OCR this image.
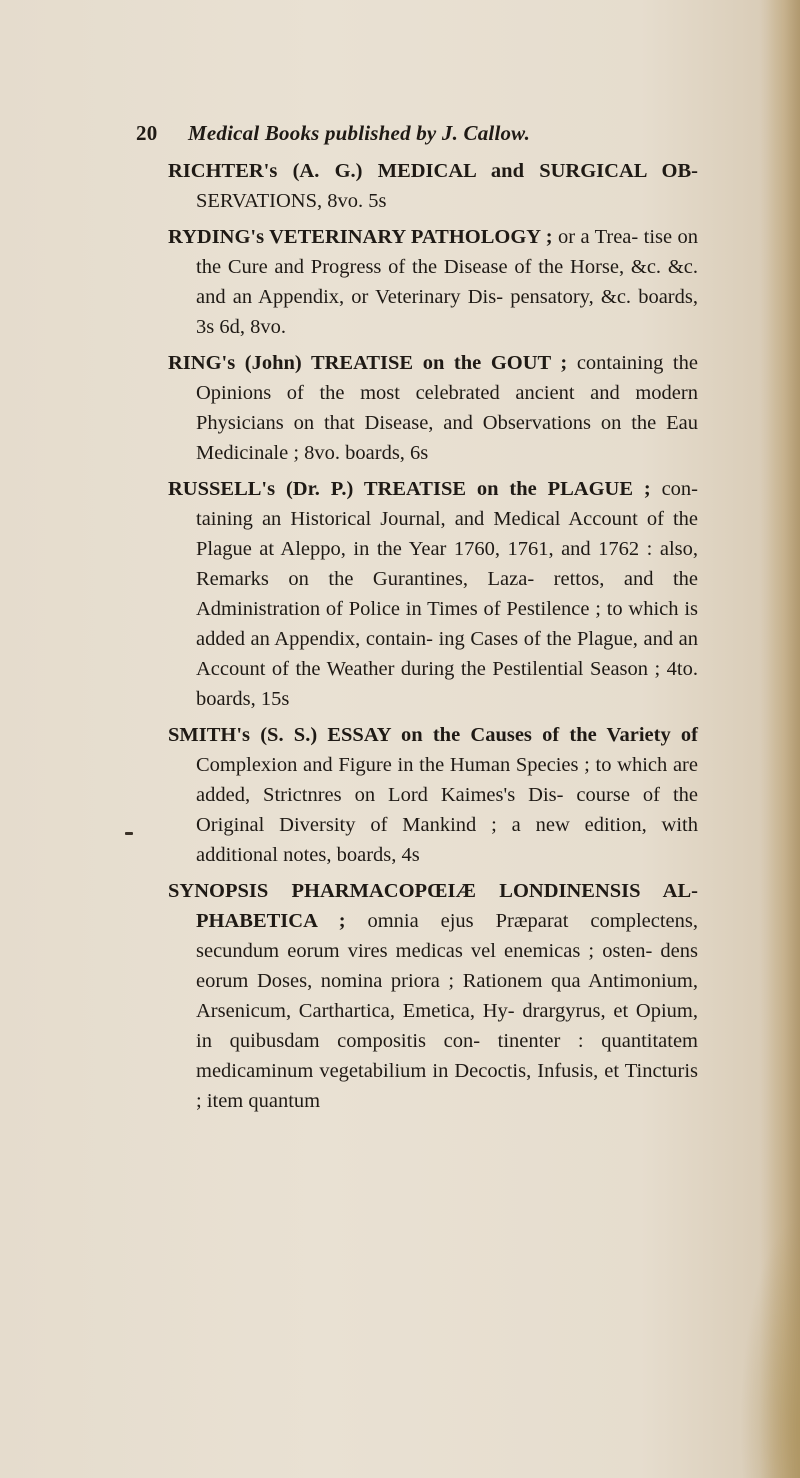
20 Medical Books published by J. Callow.

RICHTER's (A. G.) MEDICAL and SURGICAL OB- SERVATIONS, 8vo. 5s

RYDING's VETERINARY PATHOLOGY ; or a Trea- tise on the Cure and Progress of the Disease of the Horse, &c. &c. and an Appendix, or Veterinary Dis- pensatory, &c. boards, 3s 6d, 8vo.

RING's (John) TREATISE on the GOUT ; containing the Opinions of the most celebrated ancient and modern Physicians on that Disease, and Observations on the Eau Medicinale ; 8vo. boards, 6s

RUSSELL's (Dr. P.) TREATISE on the PLAGUE ; con- taining an Historical Journal, and Medical Account of the Plague at Aleppo, in the Year 1760, 1761, and 1762 : also, Remarks on the Gurantines, Laza- rettos, and the Administration of Police in Times of Pestilence ; to which is added an Appendix, contain- ing Cases of the Plague, and an Account of the Weather during the Pestilential Season ; 4to. boards, 15s

SMITH's (S. S.) ESSAY on the Causes of the Variety of Complexion and Figure in the Human Species ; to which are added, Strictnres on Lord Kaimes's Dis- course of the Original Diversity of Mankind ; a new edition, with additional notes, boards, 4s

SYNOPSIS PHARMACOPŒIÆ LONDINENSIS AL- PHABETICA ; omnia ejus Præparat complectens, secundum eorum vires medicas vel enemicas ; osten- dens eorum Doses, nomina priora ; Rationem qua Antimonium, Arsenicum, Carthartica, Emetica, Hy- drargyrus, et Opium, in quibusdam compositis con- tinenter : quantitatem medicaminum vegetabilium in Decoctis, Infusis, et Tincturis ; item quantum
